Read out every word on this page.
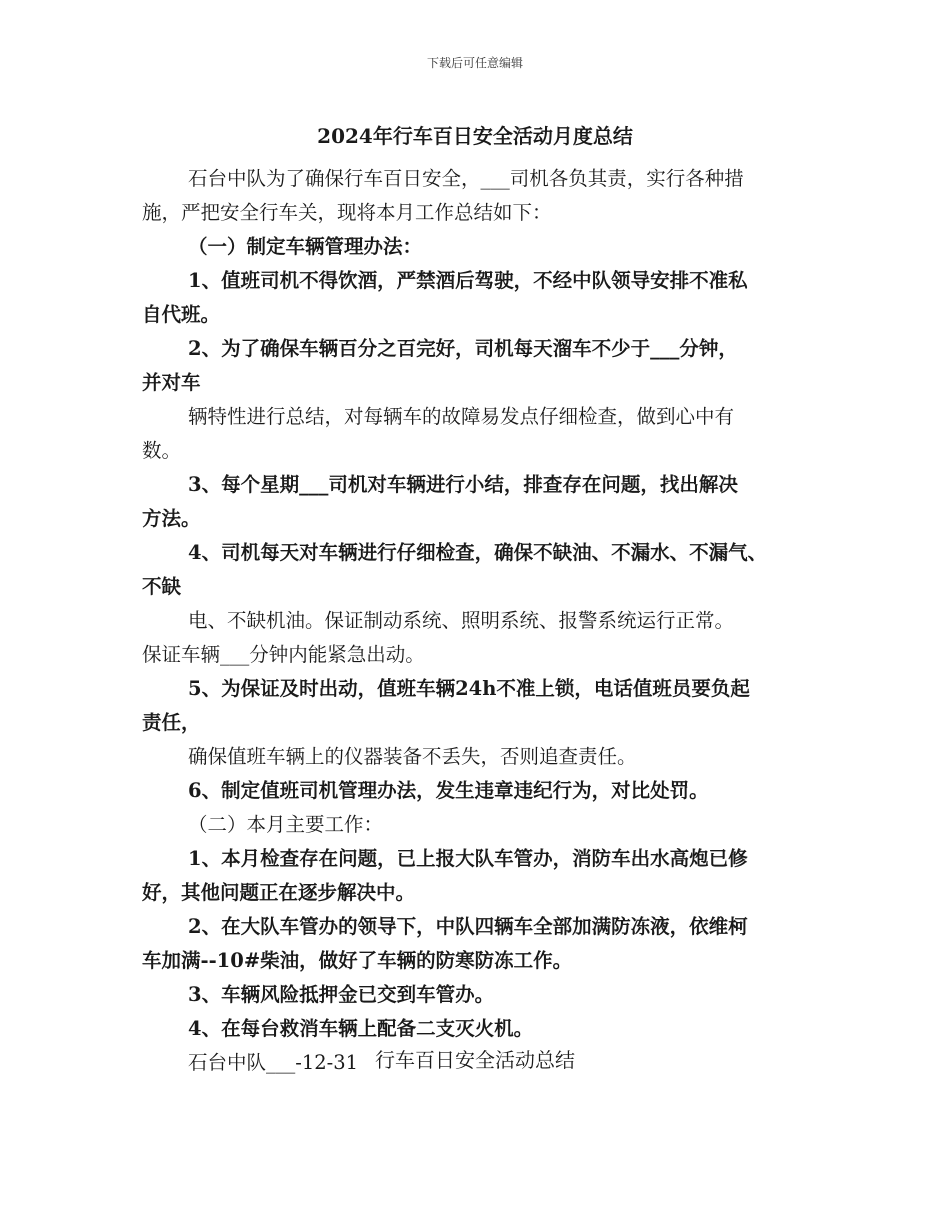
下载后可任意编辑
2024年行车百日安全活动月度总结

石台中队为了确保行车百日安全，___司机各负其责，实行各种措

施，严把安全行车关，现将本月工作总结如下：

（一）制定车辆管理办法：

1、值班司机不得饮酒，严禁酒后驾驶，不经中队领导安排不准私

自代班。

2、为了确保车辆百分之百完好，司机每天溜车不少于___分钟，

并对车

辆特性进行总结，对每辆车的故障易发点仔细检查，做到心中有

数。

3、每个星期___司机对车辆进行小结，排查存在问题，找出解决

方法。

4、司机每天对车辆进行仔细检查，确保不缺油、不漏水、不漏气、

不缺

电、不缺机油。保证制动系统、照明系统、报警系统运行正常。

保证车辆___分钟内能紧急出动。

5、为保证及时出动，值班车辆24h不准上锁，电话值班员要负起

责任，

确保值班车辆上的仪器装备不丢失，否则追查责任。

6、制定值班司机管理办法，发生违章违纪行为，对比处罚。

（二）本月主要工作：

1、本月检查存在问题，已上报大队车管办，消防车出水高炮已修

好，其他问题正在逐步解决中。

2、在大队车管办的领导下，中队四辆车全部加满防冻液，依维柯

车加满--10#柴油，做好了车辆的防寒防冻工作。

3、车辆风险抵押金已交到车管办。

4、在每台救消车辆上配备二支灭火机。

石台中队___-12-31 行车百日安全活动总结
